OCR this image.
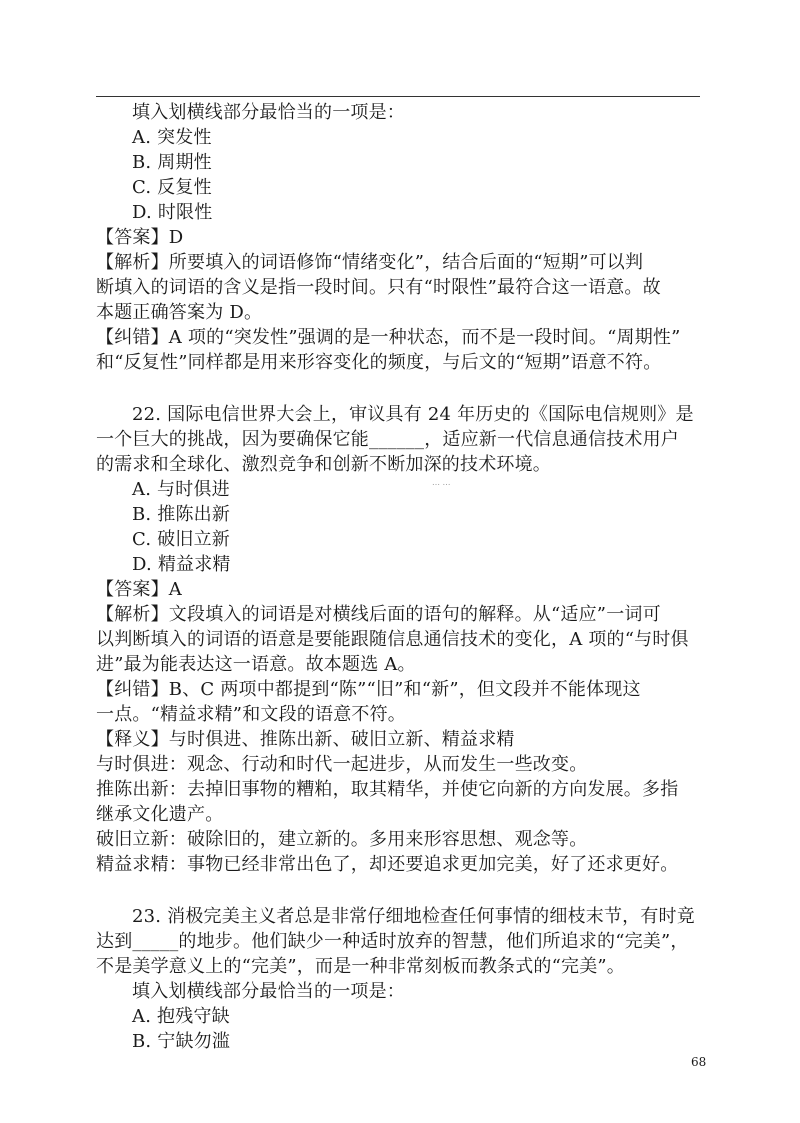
填入划横线部分最恰当的一项是：
A. 突发性
B. 周期性
C. 反复性
D. 时限性
【答案】D
【解析】所要填入的词语修饰“情绪变化”，结合后面的“短期”可以判
断填入的词语的含义是指一段时间。只有“时限性”最符合这一语意。故
本题正确答案为 D。
【纠错】A 项的“突发性”强调的是一种状态，而不是一段时间。“周期性”
和“反复性”同样都是用来形容变化的频度，与后文的“短期”语意不符。
22. 国际电信世界大会上，审议具有 24 年历史的《国际电信规则》是
一个巨大的挑战，因为要确保它能______，适应新一代信息通信技术用户
的需求和全球化、激烈竞争和创新不断加深的技术环境。
A. 与时俱进
B. 推陈出新
C. 破旧立新
D. 精益求精
【答案】A
【解析】文段填入的词语是对横线后面的语句的解释。从“适应”一词可
以判断填入的词语的语意是要能跟随信息通信技术的变化，A 项的“与时俱
进”最为能表达这一语意。故本题选 A。
【纠错】B、C 两项中都提到“陈”“旧”和“新”，但文段并不能体现这
一点。“精益求精”和文段的语意不符。
【释义】与时俱进、推陈出新、破旧立新、精益求精
与时俱进：观念、行动和时代一起进步，从而发生一些改变。
推陈出新：去掉旧事物的糟粕，取其精华，并使它向新的方向发展。多指
继承文化遗产。
破旧立新：破除旧的，建立新的。多用来形容思想、观念等。
精益求精：事物已经非常出色了，却还要追求更加完美，好了还求更好。
23. 消极完美主义者总是非常仔细地检查任何事情的细枝末节，有时竟
达到_____的地步。他们缺少一种适时放弃的智慧，他们所追求的“完美”，
不是美学意义上的“完美”，而是一种非常刻板而教条式的“完美”。
填入划横线部分最恰当的一项是：
A. 抱残守缺
B. 宁缺勿滥
… …
68
